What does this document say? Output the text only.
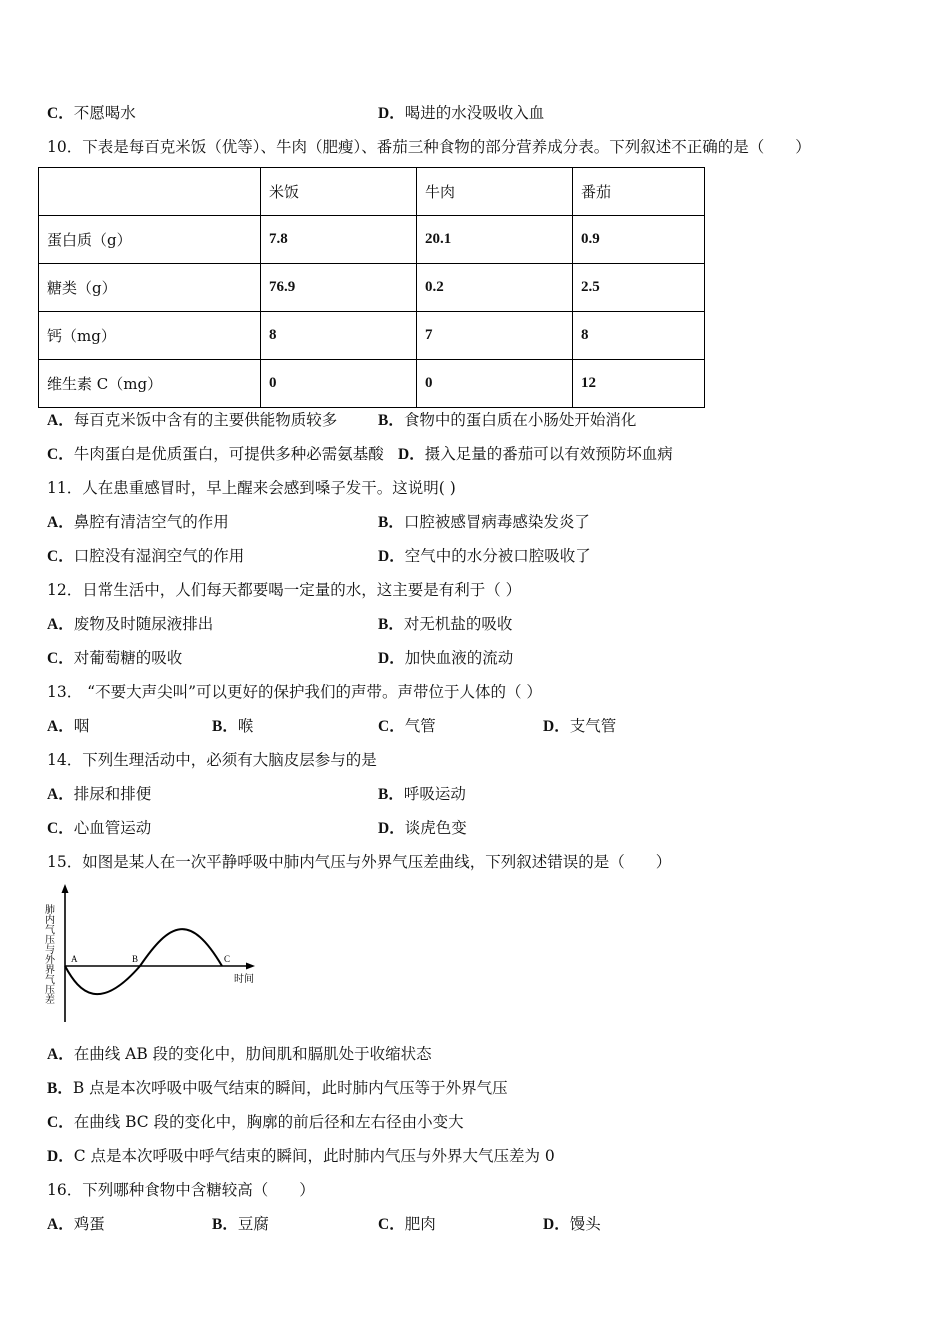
C．不愿喝水	D．喝进的水没吸收入血
10．下表是每百克米饭（优等）、牛肉（肥瘦）、番茄三种食物的部分营养成分表。下列叙述不正确的是（　　）
	米饭	牛肉	番茄
蛋白质（g）	7.8	20.1	0.9
糖类（g）	76.9	0.2	2.5
钙（mg）	8	7	8
维生素 C（mg）	0	0	12
A．每百克米饭中含有的主要供能物质较多	B．食物中的蛋白质在小肠处开始消化
C．牛肉蛋白是优质蛋白，可提供多种必需氨基酸 D．摄入足量的番茄可以有效预防坏血病
11．人在患重感冒时，早上醒来会感到嗓子发干。这说明( )
A．鼻腔有清洁空气的作用	B．口腔被感冒病毒感染发炎了
C．口腔没有湿润空气的作用	D．空气中的水分被口腔吸收了
12．日常生活中，人们每天都要喝一定量的水，这主要是有利于（ ）
A．废物及时随尿液排出	B．对无机盐的吸收
C．对葡萄糖的吸收	D．加快血液的流动
13． “不要大声尖叫”可以更好的保护我们的声带。声带位于人体的（ ）
A．咽	B．喉	C．气管	D．支气管
14．下列生理活动中，必须有大脑皮层参与的是
A．排尿和排便	B．呼吸运动
C．心血管运动	D．谈虎色变
15．如图是某人在一次平静呼吸中肺内气压与外界气压差曲线，下列叙述错误的是（　　）
A	B	C
时间
肺内气压与外界气压差
A．在曲线 AB 段的变化中，肋间肌和膈肌处于收缩状态
B．B 点是本次呼吸中吸气结束的瞬间，此时肺内气压等于外界气压
C．在曲线 BC 段的变化中，胸廓的前后径和左右径由小变大
D．C 点是本次呼吸中呼气结束的瞬间，此时肺内气压与外界大气压差为 0
16．下列哪种食物中含糖较高（　　）
A．鸡蛋	B．豆腐	C．肥肉	D．馒头
